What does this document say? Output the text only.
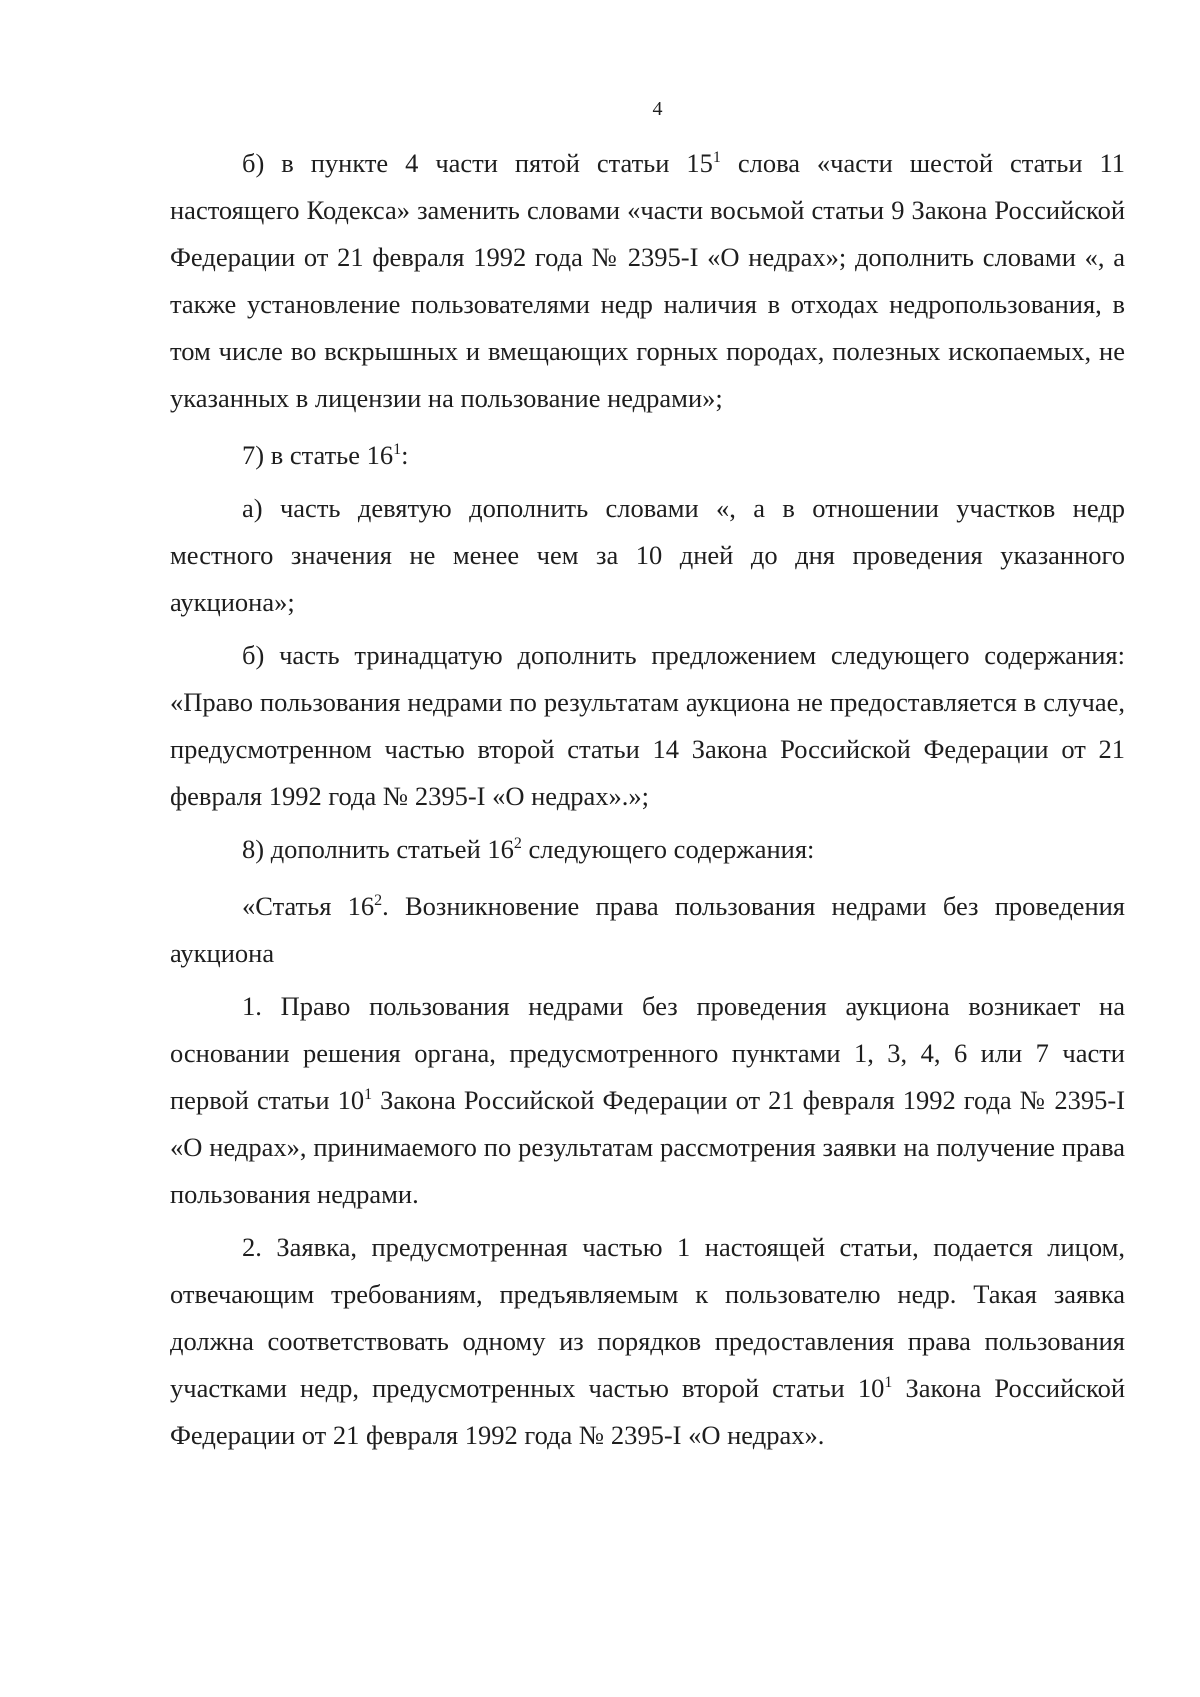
4

б) в пункте 4 части пятой статьи $15^1$ слова «части шестой статьи 11 настоящего Кодекса» заменить словами «части восьмой статьи 9 Закона Российской Федерации от 21 февраля 1992 года № 2395-I «О недрах»; дополнить словами «, а также установление пользователями недр наличия в отходах недропользования, в том числе во вскрышных и вмещающих горных породах, полезных ископаемых, не указанных в лицензии на пользование недрами»;

7) в статье $16^1$:

а) часть девятую дополнить словами «, а в отношении участков недр местного значения не менее чем за 10 дней до дня проведения указанного аукциона»;

б) часть тринадцатую дополнить предложением следующего содержания: «Право пользования недрами по результатам аукциона не предоставляется в случае, предусмотренном частью второй статьи 14 Закона Российской Федерации от 21 февраля 1992 года № 2395-I «О недрах».»;

8) дополнить статьей $16^2$ следующего содержания:

«Статья $16^2$. Возникновение права пользования недрами без проведения аукциона

1. Право пользования недрами без проведения аукциона возникает на основании решения органа, предусмотренного пунктами 1, 3, 4, 6 или 7 части первой статьи $10^1$ Закона Российской Федерации от 21 февраля 1992 года № 2395-I «О недрах», принимаемого по результатам рассмотрения заявки на получение права пользования недрами.

2. Заявка, предусмотренная частью 1 настоящей статьи, подается лицом, отвечающим требованиям, предъявляемым к пользователю недр. Такая заявка должна соответствовать одному из порядков предоставления права пользования участками недр, предусмотренных частью второй статьи $10^1$ Закона Российской Федерации от 21 февраля 1992 года № 2395-I «О недрах».
